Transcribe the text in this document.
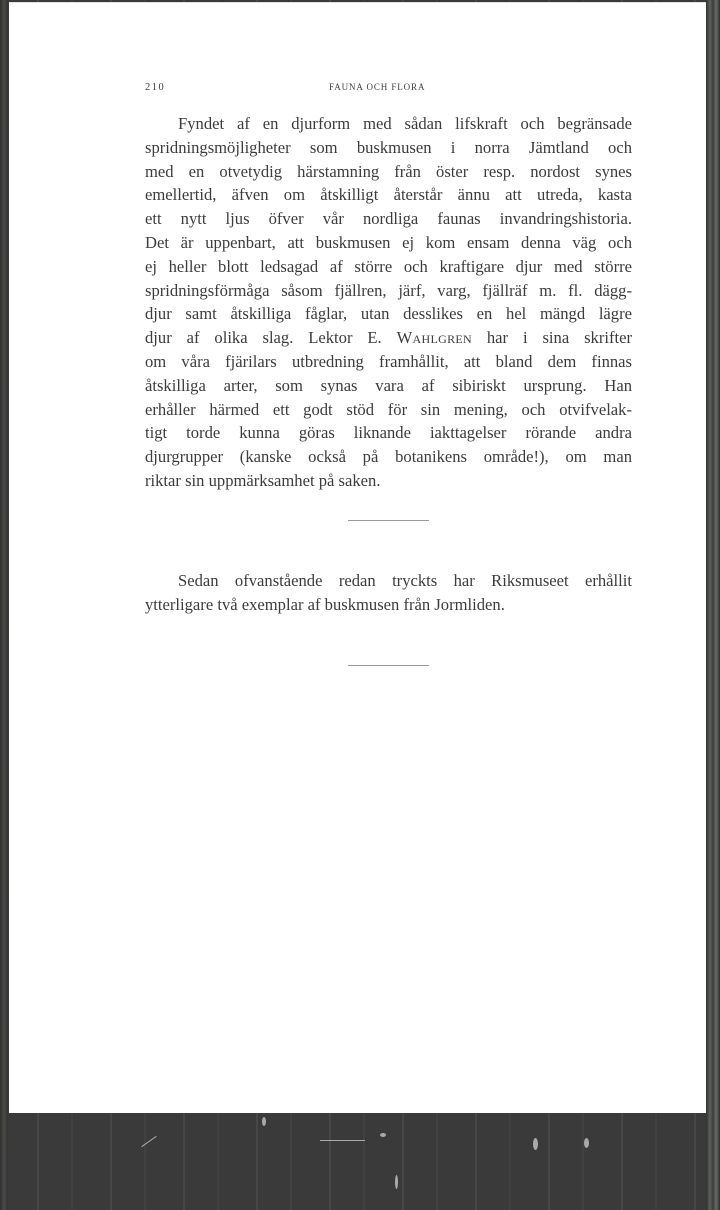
210	FAUNA OCH FLORA
Fyndet af en djurform med sådan lifskraft och begränsade
spridningsmöjligheter som buskmusen i norra Jämtland och
med en otvetydig härstamning från öster resp. nordost synes
emellertid, äfven om åtskilligt återstår ännu att utreda, kasta
ett nytt ljus öfver vår nordliga faunas invandringshistoria.
Det är uppenbart, att buskmusen ej kom ensam denna väg och
ej heller blott ledsagad af större och kraftigare djur med större
spridningsförmåga såsom fjällren, järf, varg, fjällräf m. fl. dägg-
djur samt åtskilliga fåglar, utan desslikes en hel mängd lägre
djur af olika slag. Lektor E. Wahlgren har i sina skrifter
om våra fjärilars utbredning framhållit, att bland dem finnas
åtskilliga arter, som synas vara af sibiriskt ursprung. Han
erhåller härmed ett godt stöd för sin mening, och otvifvelak-
tigt torde kunna göras liknande iakttagelser rörande andra
djurgrupper (kanske också på botanikens område!), om man
riktar sin uppmärksamhet på saken.
Sedan ofvanstående redan tryckts har Riksmuseet erhållit
ytterligare två exemplar af buskmusen från Jormliden.
